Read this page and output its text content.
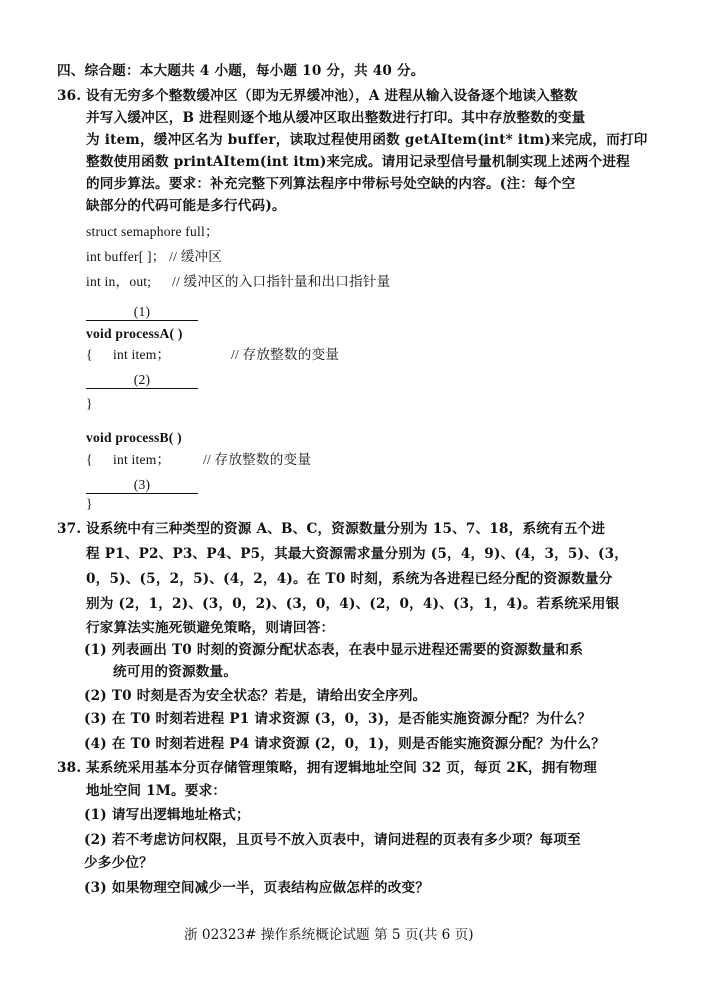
四、综合题：本大题共 4 小题，每小题 10 分，共 40 分。
36. 设有无穷多个整数缓冲区（即为无界缓冲池），A 进程从输入设备逐个地读入整数
并写入缓冲区，B 进程则逐个地从缓冲区取出整数进行打印。其中存放整数的变量
为 item，缓冲区名为 buffer，读取过程使用函数 getAItem(int* itm)来完成，而打印
整数使用函数 printAItem(int itm)来完成。请用记录型信号量机制实现上述两个进程
的同步算法。要求：补充完整下列算法程序中带标号处空缺的内容。(注：每个空
缺部分的代码可能是多行代码)。
struct semaphore full；
int buffer[ ]； // 缓冲区
int in，out; // 缓冲区的入口指针量和出口指针量
(1)
void processA( )
{ int item；	// 存放整数的变量
(2)
}
void processB( )
{ int item； // 存放整数的变量
(3)
}
37. 设系统中有三种类型的资源 A、B、C，资源数量分别为 15、7、18，系统有五个进
程 P1、P2、P3、P4、P5，其最大资源需求量分别为 (5，4，9)、(4，3，5)、(3，
0，5)、(5，2，5)、(4，2，4)。在 T0 时刻，系统为各进程已经分配的资源数量分
别为 (2，1，2)、(3，0，2)、(3，0，4)、(2，0，4)、(3，1，4)。若系统采用银
行家算法实施死锁避免策略，则请回答：
(1) 列表画出 T0 时刻的资源分配状态表，在表中显示进程还需要的资源数量和系
统可用的资源数量。
(2) T0 时刻是否为安全状态？若是，请给出安全序列。
(3) 在 T0 时刻若进程 P1 请求资源 (3，0，3)，是否能实施资源分配？为什么？
(4) 在 T0 时刻若进程 P4 请求资源 (2，0，1)，则是否能实施资源分配？为什么？
38. 某系统采用基本分页存储管理策略，拥有逻辑地址空间 32 页，每页 2K，拥有物理
地址空间 1M。要求：
(1) 请写出逻辑地址格式；
(2) 若不考虑访问权限，且页号不放入页表中，请问进程的页表有多少项？每项至
少多少位？
(3) 如果物理空间减少一半，页表结构应做怎样的改变？
浙 02323# 操作系统概论试题 第 5 页(共 6 页)
